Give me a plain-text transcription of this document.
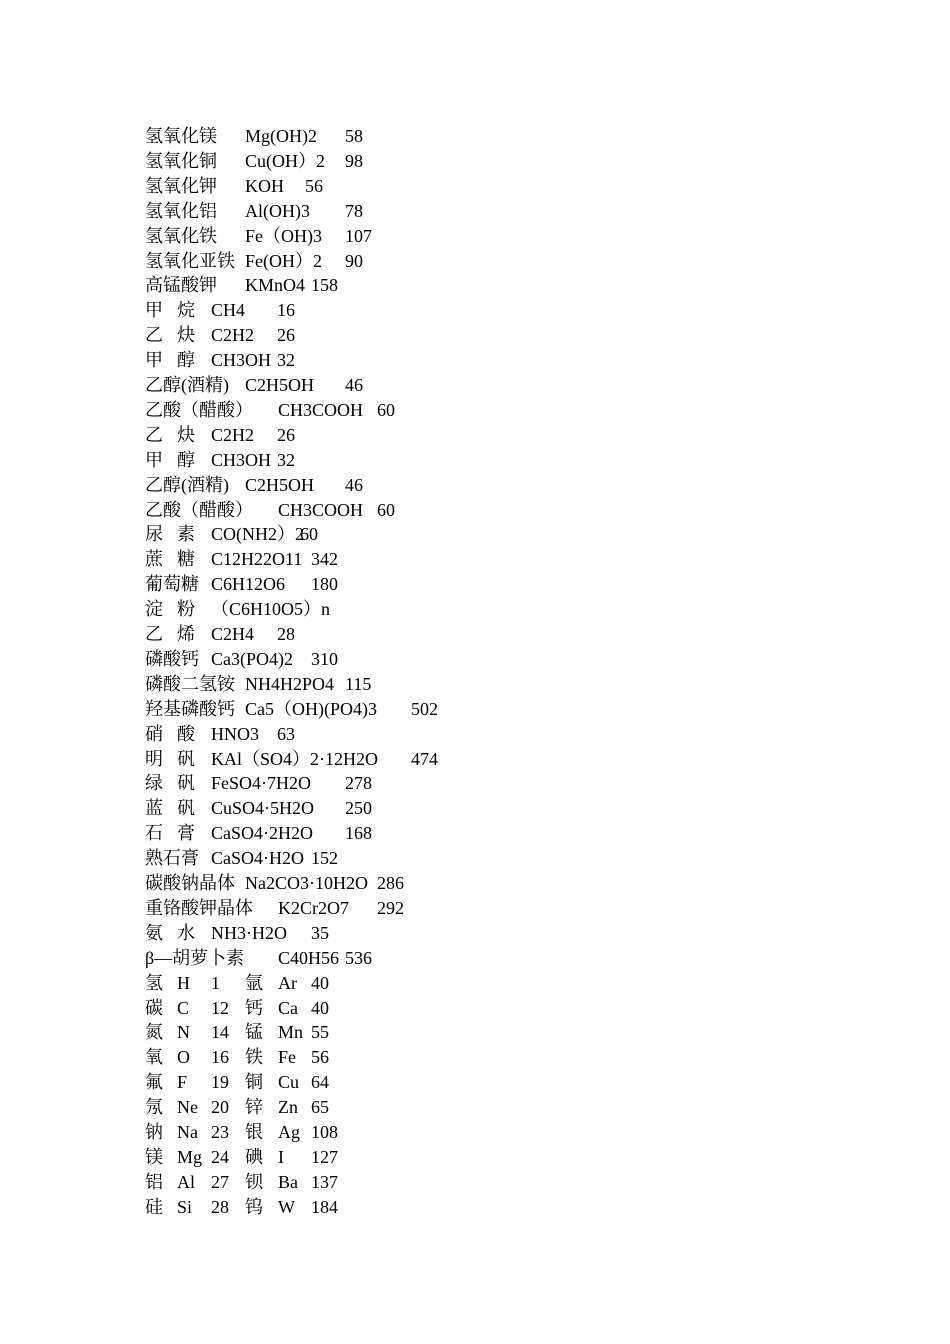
氢氧化镁 Mg(OH)2 58
氢氧化铜 Cu(OH）2 98
氢氧化钾 KOH 56
氢氧化铝 Al(OH)3 78
氢氧化铁 Fe（OH)3 107
氢氧化亚铁 Fe(OH）2 90
高锰酸钾 KMnO4 158
甲 烷 CH4 16
乙 炔 C2H2 26
甲 醇 CH3OH 32
乙醇(酒精) C2H5OH 46
乙酸（醋酸） CH3COOH 60
乙 炔 C2H2 26
甲 醇 CH3OH 32
乙醇(酒精) C2H5OH 46
乙酸（醋酸） CH3COOH 60
尿 素 CO(NH2）2
60
蔗 糖 C12H22O11 342
葡萄糖 C6H12O6 180
淀 粉 （C6H10O5）n
乙 烯 C2H4 28
磷酸钙 Ca3(PO4)2 310
磷酸二氢铵 NH4H2PO4 115
羟基磷酸钙 Ca5（OH)(PO4)3 502
硝 酸 HNO3 63
明 矾 KAl（SO4）2·12H2O 474
绿 矾 FeSO4·7H2O 278
蓝 矾 CuSO4·5H2O 250
石 膏 CaSO4·2H2O 168
熟石膏 CaSO4·H2O 152
碳酸钠晶体 Na2CO3·10H2O 286
重铬酸钾晶体 K2Cr2O7 292
氨 水 NH3·H2O 35
β—胡萝卜素 C40H56 536
氢 H 1 氩 Ar 40
碳 C 12 钙 Ca 40
氮 N 14 锰 Mn 55
氧 O 16 铁 Fe 56
氟 F 19 铜 Cu 64
氖 Ne 20 锌 Zn 65
钠 Na 23 银 Ag 108
镁 Mg 24 碘 I 127
铝 Al 27 钡 Ba 137
硅 Si 28 钨 W 184
